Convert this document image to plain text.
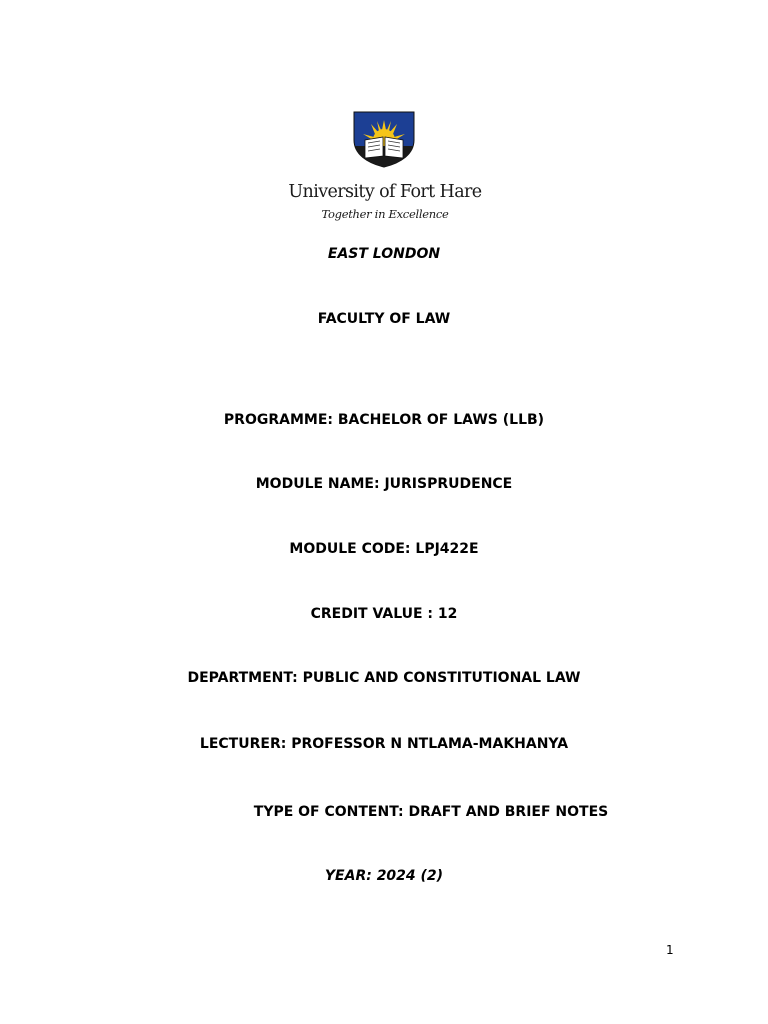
University of Fort Hare
Together in Excellence
EAST LONDON
FACULTY OF LAW
PROGRAMME: BACHELOR OF LAWS (LLB)
MODULE NAME: JURISPRUDENCE
MODULE CODE: LPJ422E
CREDIT VALUE : 12
DEPARTMENT: PUBLIC AND CONSTITUTIONAL LAW
LECTURER: PROFESSOR N NTLAMA-MAKHANYA
TYPE OF CONTENT: DRAFT AND BRIEF NOTES
YEAR: 2024 (2)
1
